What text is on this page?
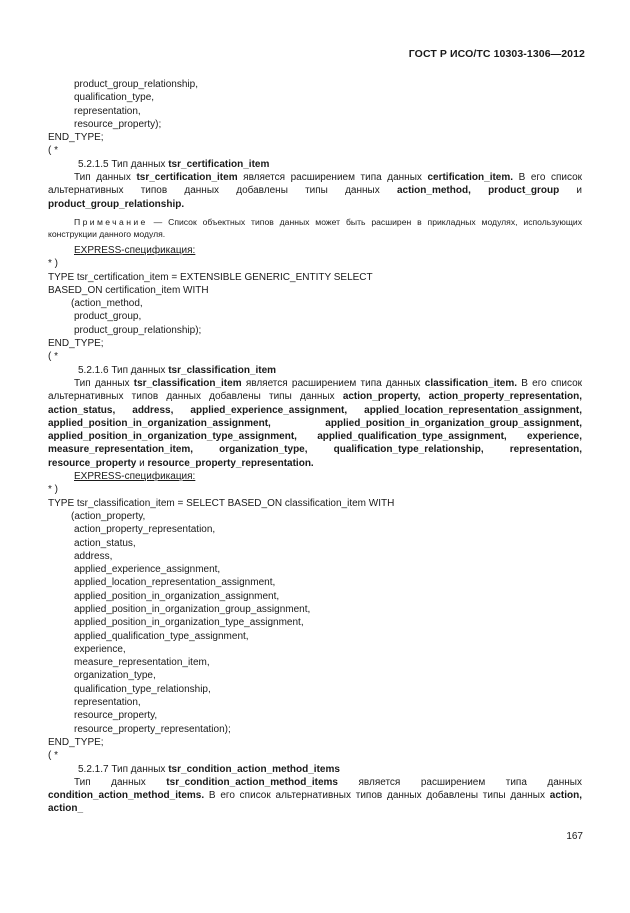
ГОСТ Р ИСО/ТС 10303-1306—2012
product_group_relationship,
qualification_type,
representation,
resource_property);
END_TYPE;
( *
5.2.1.5 Тип данных tsr_certification_item
Тип данных tsr_certification_item является расширением типа данных certification_item. В его список альтернативных типов данных добавлены типы данных action_method, product_group и product_group_relationship.
Примечание — Список объектных типов данных может быть расширен в прикладных модулях, использующих конструкции данного модуля.
EXPRESS-спецификация:
* )
TYPE tsr_certification_item = EXTENSIBLE GENERIC_ENTITY SELECT
BASED_ON certification_item WITH
(action_method,
product_group,
product_group_relationship);
END_TYPE;
( *
5.2.1.6 Тип данных tsr_classification_item
Тип данных tsr_classification_item является расширением типа данных classification_item. В его список альтернативных типов данных добавлены типы данных action_property, action_property_representation, action_status, address, applied_experience_assignment, applied_location_representation_assignment, applied_position_in_organization_assignment, applied_position_in_organization_group_assignment, applied_position_in_organization_type_assignment, applied_qualification_type_assignment, experience, measure_representation_item, organization_type, qualification_type_relationship, representation, resource_property и resource_property_representation.
EXPRESS-спецификация:
* )
TYPE tsr_classification_item = SELECT BASED_ON classification_item WITH
(action_property,
action_property_representation,
action_status,
address,
applied_experience_assignment,
applied_location_representation_assignment,
applied_position_in_organization_assignment,
applied_position_in_organization_group_assignment,
applied_position_in_organization_type_assignment,
applied_qualification_type_assignment,
experience,
measure_representation_item,
organization_type,
qualification_type_relationship,
representation,
resource_property,
resource_property_representation);
END_TYPE;
( *
5.2.1.7 Тип данных tsr_condition_action_method_items
Тип данных tsr_condition_action_method_items является расширением типа данных condition_action_method_items. В его список альтернативных типов данных добавлены типы данных action, action_
167
